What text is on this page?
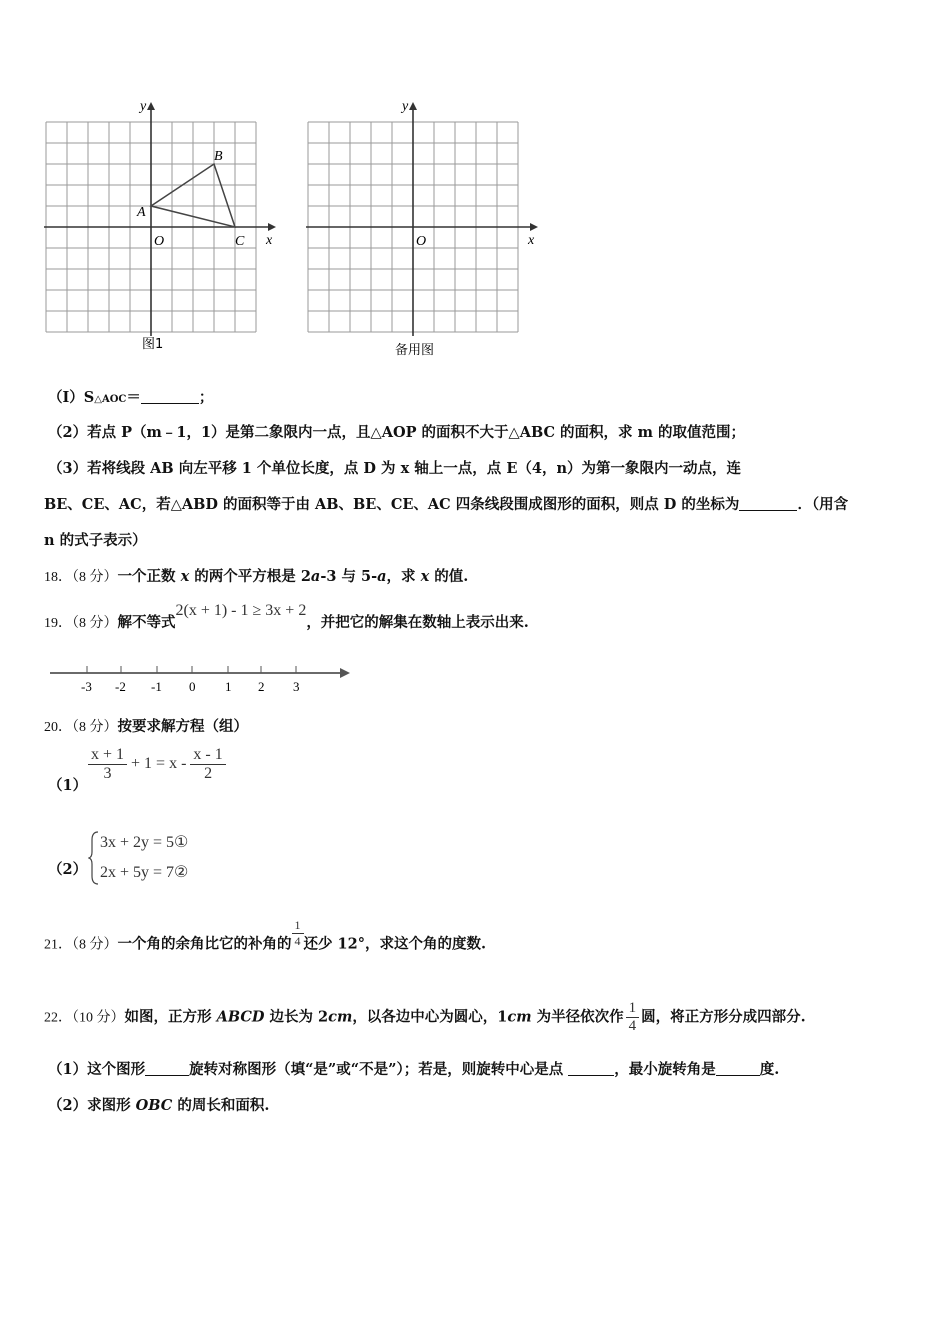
y
x
O
A
B
C
图1
y
x
O
备用图
（I）S△AOC＝	；
（2）若点 P（m﹣1，1）是第二象限内一点，且△AOP 的面积不大于△ABC 的面积，求 m 的取值范围；
（3）若将线段 AB 向左平移 1 个单位长度，点 D 为 x 轴上一点，点 E（4，n）为第一象限内一动点，连
BE、CE、AC，若△ABD 的面积等于由 AB、BE、CE、AC 四条线段围成图形的面积，则点 D 的坐标为	．（用含
n 的式子表示）
18．（8 分）一个正数 x 的两个平方根是 2a-3 与 5-a，求 x 的值.
19．（8 分）解不等式2(x + 1) - 1 ≥ 3x + 2，并把它的解集在数轴上表示出来.
-3 -2 -1 0 1 2 3
20．（8 分）按要求解方程（组）
（1）
$\frac{x + 1}{3} + 1 = x - \frac{x - 1}{2}$
（2）
3x + 2y = 5①
2x + 5y = 7②
21．（8 分）一个角的余角比它的补角的 $\frac{1}{4}$ 还少 12°，求这个角的度数.
22．（10 分）如图，正方形 ABCD 边长为 2cm，以各边中心为圆心，1cm 为半径依次作 $\frac{1}{4}$ 圆，将正方形分成四部分.
（1）这个图形	旋转对称图形（填“是”或“不是”）；若是，则旋转中心是点	，最小旋转角是	度.
（2）求图形 OBC 的周长和面积.
